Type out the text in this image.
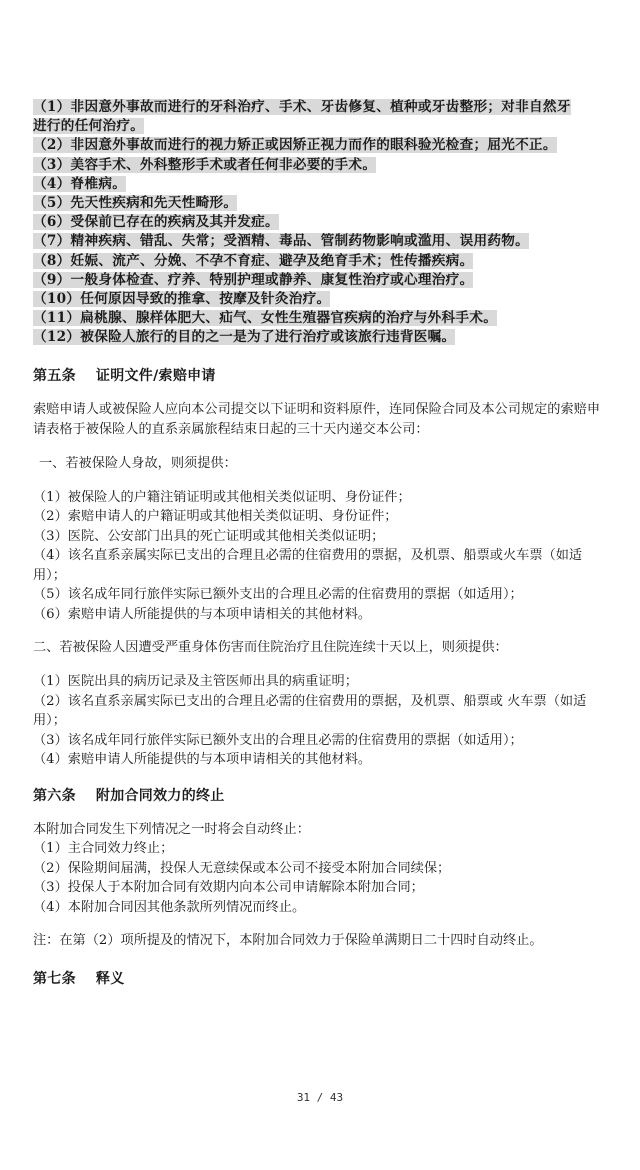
（1）非因意外事故而进行的牙科治疗、手术、牙齿修复、植种或牙齿整形；对非自然牙
进行的任何治疗。
（2）非因意外事故而进行的视力矫正或因矫正视力而作的眼科验光检查；屈光不正。
（3）美容手术、外科整形手术或者任何非必要的手术。
（4）脊椎病。
（5）先天性疾病和先天性畸形。
（6）受保前已存在的疾病及其并发症。
（7）精神疾病、错乱、失常；受酒精、毒品、管制药物影响或滥用、误用药物。
（8）妊娠、流产、分娩、不孕不育症、避孕及绝育手术；性传播疾病。
（9）一般身体检查、疗养、特别护理或静养、康复性治疗或心理治疗。
（10）任何原因导致的推拿、按摩及针灸治疗。
（11）扁桃腺、腺样体肥大、疝气、女性生殖器官疾病的治疗与外科手术。
（12）被保险人旅行的目的之一是为了进行治疗或该旅行违背医嘱。
第五条 证明文件/索赔申请
索赔申请人或被保险人应向本公司提交以下证明和资料原件，连同保险合同及本公司规定的索赔申请表格于被保险人的直系亲属旅程结束日起的三十天内递交本公司：
一、若被保险人身故，则须提供：
（1）被保险人的户籍注销证明或其他相关类似证明、身份证件；
（2）索赔申请人的户籍证明或其他相关类似证明、身份证件；
（3）医院、公安部门出具的死亡证明或其他相关类似证明；
（4）该名直系亲属实际已支出的合理且必需的住宿费用的票据，及机票、船票或火车票（如适用）；
（5）该名成年同行旅伴实际已额外支出的合理且必需的住宿费用的票据（如适用）；
（6）索赔申请人所能提供的与本项申请相关的其他材料。
二、若被保险人因遭受严重身体伤害而住院治疗且住院连续十天以上，则须提供：
（1）医院出具的病历记录及主管医师出具的病重证明；
（2）该名直系亲属实际已支出的合理且必需的住宿费用的票据，及机票、船票或 火车票（如适用）；
（3）该名成年同行旅伴实际已额外支出的合理且必需的住宿费用的票据（如适用）；
（4）索赔申请人所能提供的与本项申请相关的其他材料。
第六条 附加合同效力的终止
本附加合同发生下列情况之一时将会自动终止：
（1）主合同效力终止；
（2）保险期间届满，投保人无意续保或本公司不接受本附加合同续保；
（3）投保人于本附加合同有效期内向本公司申请解除本附加合同；
（4）本附加合同因其他条款所列情况而终止。
注：在第（2）项所提及的情况下，本附加合同效力于保险单满期日二十四时自动终止。
第七条 释义
31 / 43
